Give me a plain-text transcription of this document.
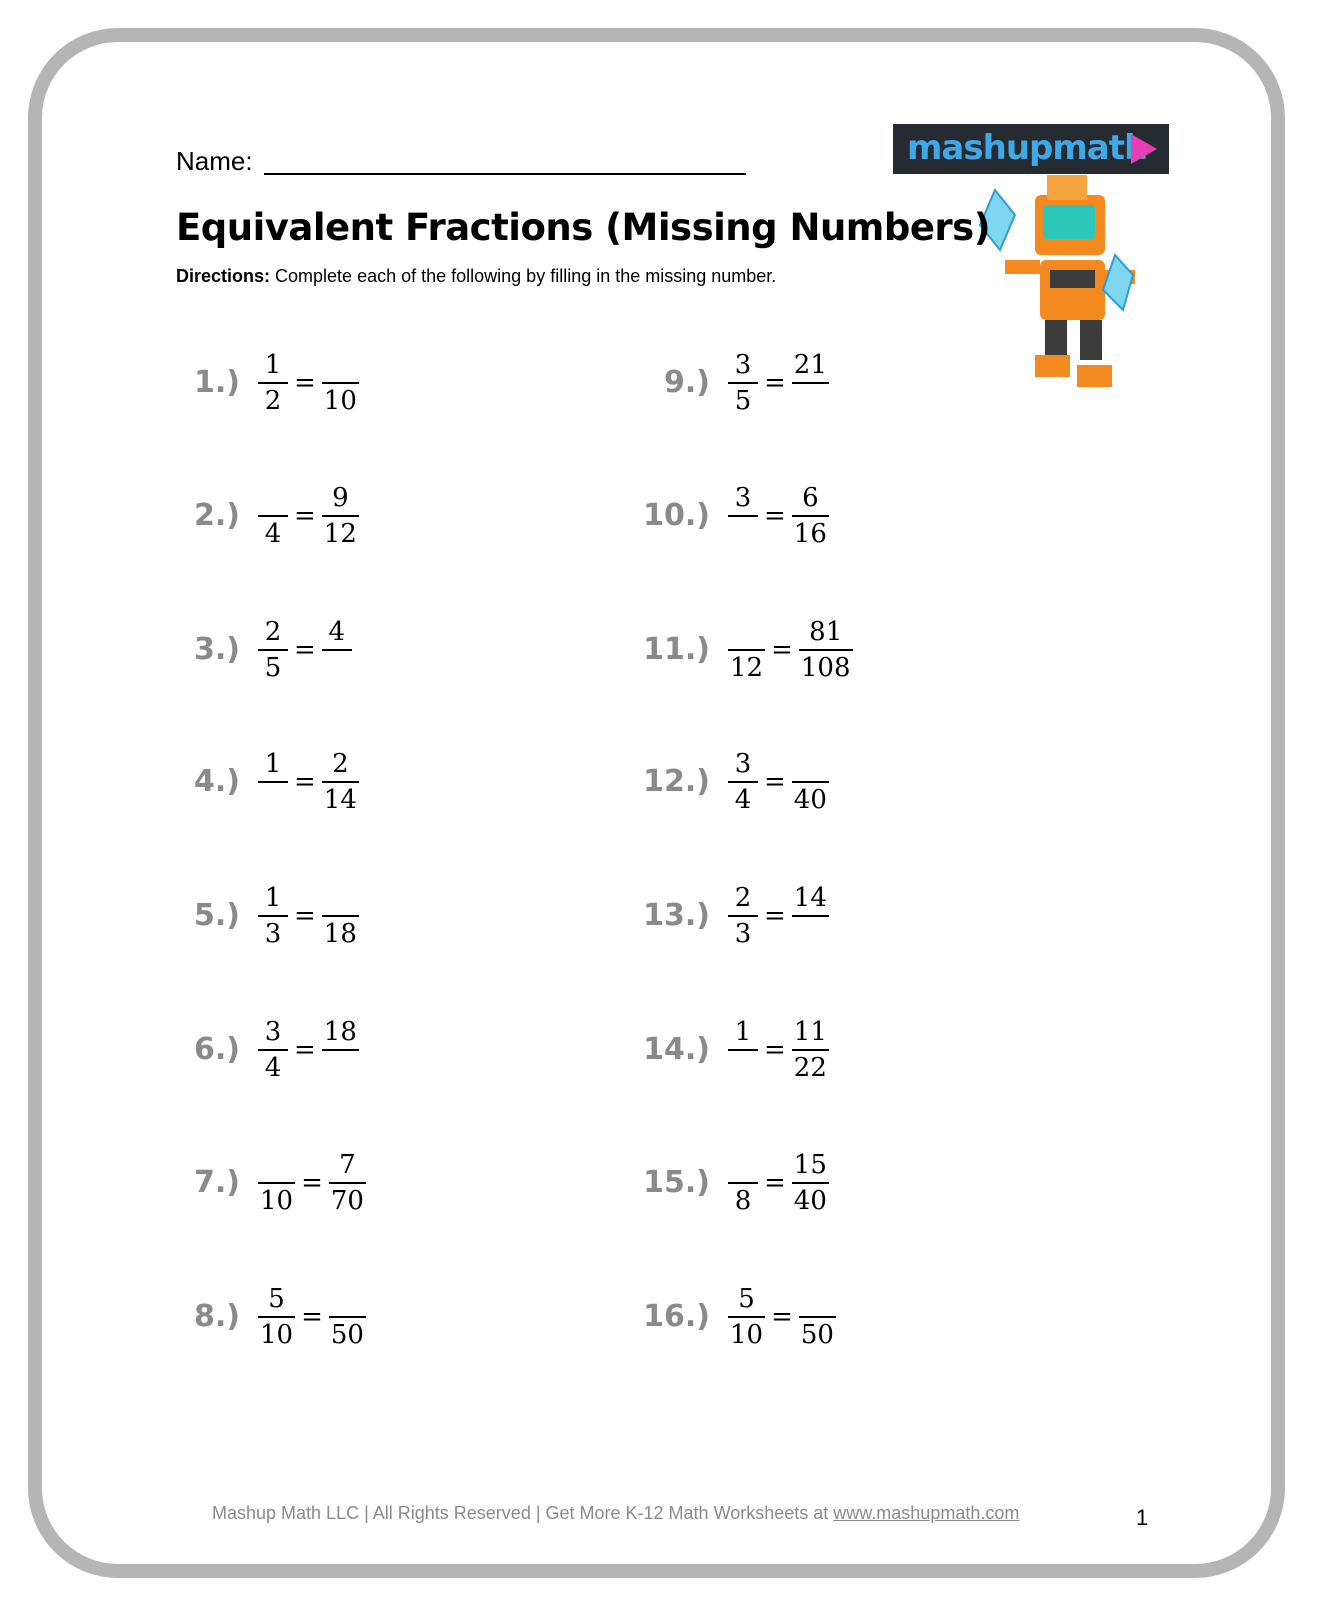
Name:	mashupmath
Equivalent Fractions (Missing Numbers)
Directions: Complete each of the following by filling in the missing number.
$1.) \frac{1}{2}$ =
10
2.)
4
= $\frac{9}{12}$
$3.) \frac{2}{5}$ =
4
4.) 1
= $\frac{2}{14}$
$5.) \frac{1}{3}$ =
18
$6.) \frac{3}{4}$ =
18
7.)
10
= $\frac{7}{70}$
$8.) \frac{5}{10}$ =
50
$9.) \frac{3}{5}$ =
21
10.) 3
= $\frac{6}{16}$
11.)
12
= $\frac{81}{108}$
$12.) \frac{3}{4}$ =
40
$13.) \frac{2}{3}$ =
14
14.) 1
= $\frac{11}{22}$
15.)
8
= $\frac{15}{40}$
$16.) \frac{5}{10}$ =
50
Mashup Math LLC | All Rights Reserved | Get More K-12 Math Worksheets at www.mashupmath.com	1
